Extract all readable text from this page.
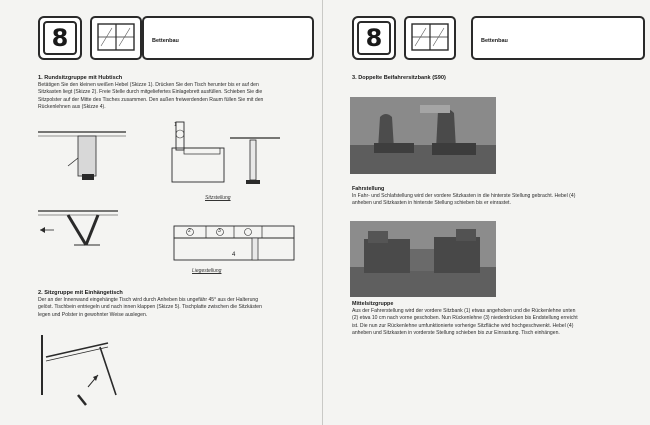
8	Bettenbau
1. Rundsitzgruppe mit Hubtisch
Betätigen Sie den kleinen weißen Hebel (Skizze 1). Drücken Sie den Tisch herunter bis er auf den
Sitzkasten liegt (Skizze 2). Freie Stelle durch mitgeliefertes Einlagebrett ausfüllen. Schieben Sie die
Sitzpolster auf der Mitte des Tisches zusammen. Den außen freiwerdenden Raum füllen Sie mit den
Rückenlehnen aus (Skizze 4).
Sitzstellung
Liegestellung
1
2	3
4
2. Sitzgruppe mit Einhängetisch
Der an der Innenwand eingehängte Tisch wird durch Anheben bis ungefähr 45° aus der Halterung
gelöst. Tischbein entriegeln und nach innen klappen (Skizze 5). Tischplatte zwischen die Sitzkästen
legen und Polster in gewohnter Weise auslegen.
8	Bettenbau
3. Doppelte Beifahrersitzbank (S90)
Fahrstellung
In Fahr- und Schlafstellung wird der vordere Sitzkasten in die hinterste Stellung gebracht. Hebel (4)
anheben und Sitzkasten in hinterste Stellung schieben bis er einrastet.
Mittelsitzgruppe
Aus der Fahrerstellung wird der vordere Sitzbank (1) etwas angehoben und die Rückenlehne unten
(2) etwa 10 cm nach vorne geschoben. Nun Rückenlehne (3) niederdrücken bis Endstellung erreicht
ist. Die nun zur Rückenlehne umfunktionierte vorherige Sitzfläche wird hochgeschwenkt. Hebel (4)
anheben und Sitzkasten in vorderste Stellung schieben bis zur Einrastung. Tisch einhängen.
